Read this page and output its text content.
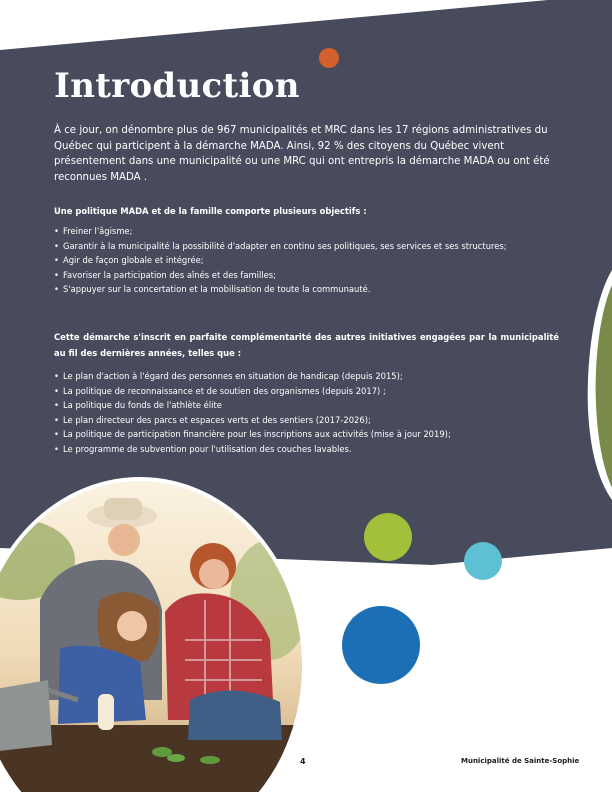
Introduction

À ce jour, on dénombre plus de 967 municipalités et MRC dans les 17 régions administratives du Québec qui participent à la démarche MADA. Ainsi, 92 % des citoyens du Québec vivent présentement dans une municipalité ou une MRC qui ont entrepris la démarche MADA ou ont été reconnues MADA .

Une politique MADA et de la famille comporte plusieurs objectifs :

• Freiner l'âgisme;
• Garantir à la municipalité la possibilité d'adapter en continu ses politiques, ses services et ses structures;
• Agir de façon globale et intégrée;
• Favoriser la participation des aînés et des familles;
• S'appuyer sur la concertation et la mobilisation de toute la communauté.

Cette démarche s'inscrit en parfaite complémentarité des autres initiatives engagées par la municipalité au fil des dernières années, telles que :

• Le plan d'action à l'égard des personnes en situation de handicap (depuis 2015);
• La politique de reconnaissance et de soutien des organismes (depuis 2017) ;
• La politique du fonds de l'athlète élite
• Le plan directeur des parcs et espaces verts et des sentiers (2017-2026);
• La politique de participation financière pour les inscriptions aux activités (mise à jour 2019);
• Le programme de subvention pour l'utilisation des couches lavables.

4	Municipalité de Sainte-Sophie
